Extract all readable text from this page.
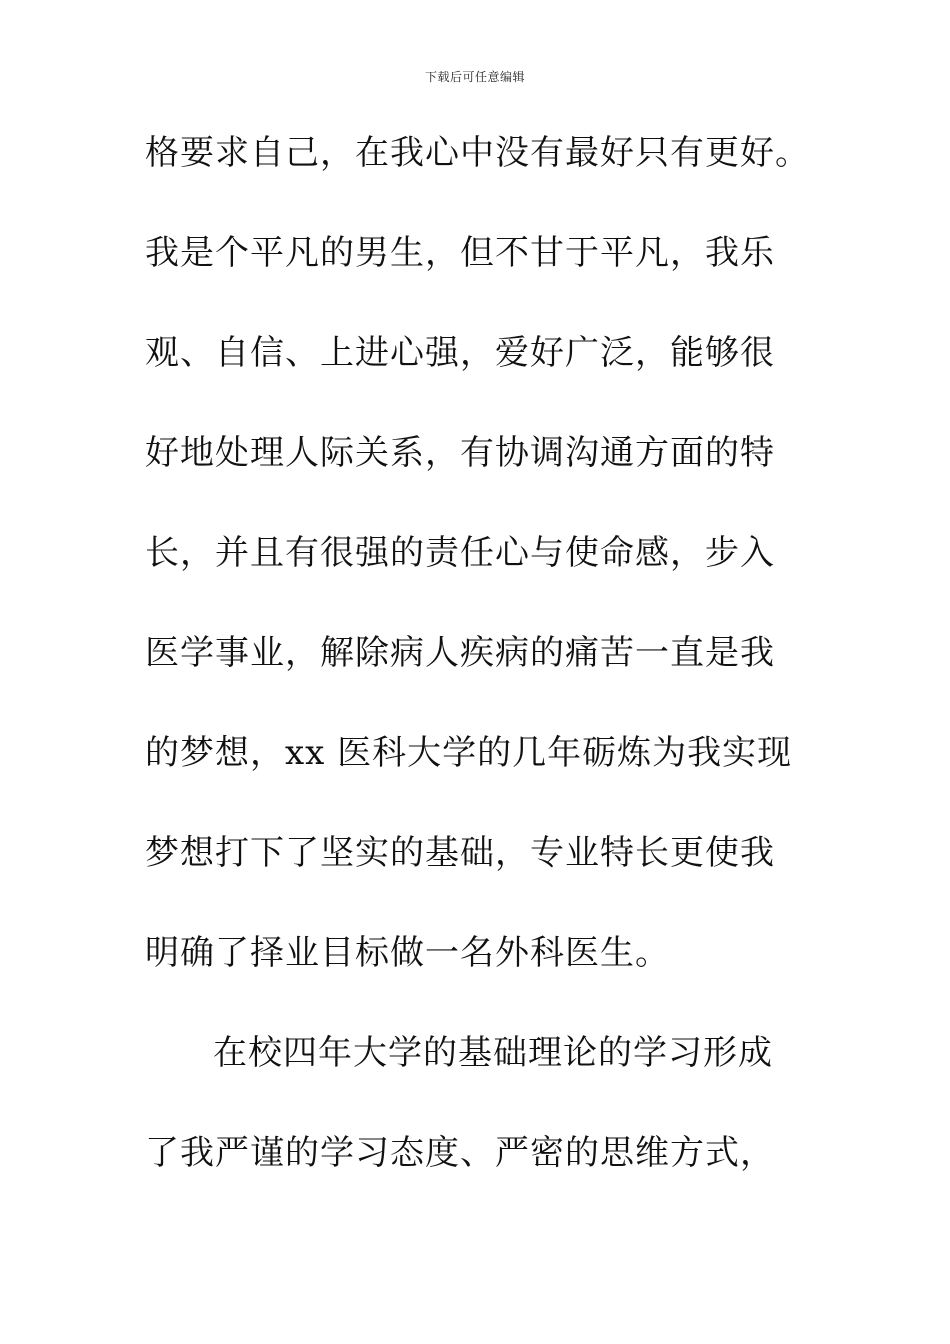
下载后可任意编辑
格要求自己，在我心中没有最好只有更好。
我是个平凡的男生，但不甘于平凡，我乐
观、自信、上进心强，爱好广泛，能够很
好地处理人际关系，有协调沟通方面的特
长，并且有很强的责任心与使命感，步入
医学事业，解除病人疾病的痛苦一直是我
的梦想，xx 医科大学的几年砺炼为我实现
梦想打下了坚实的基础，专业特长更使我
明确了择业目标做一名外科医生。
在校四年大学的基础理论的学习形成
了我严谨的学习态度、严密的思维方式，
